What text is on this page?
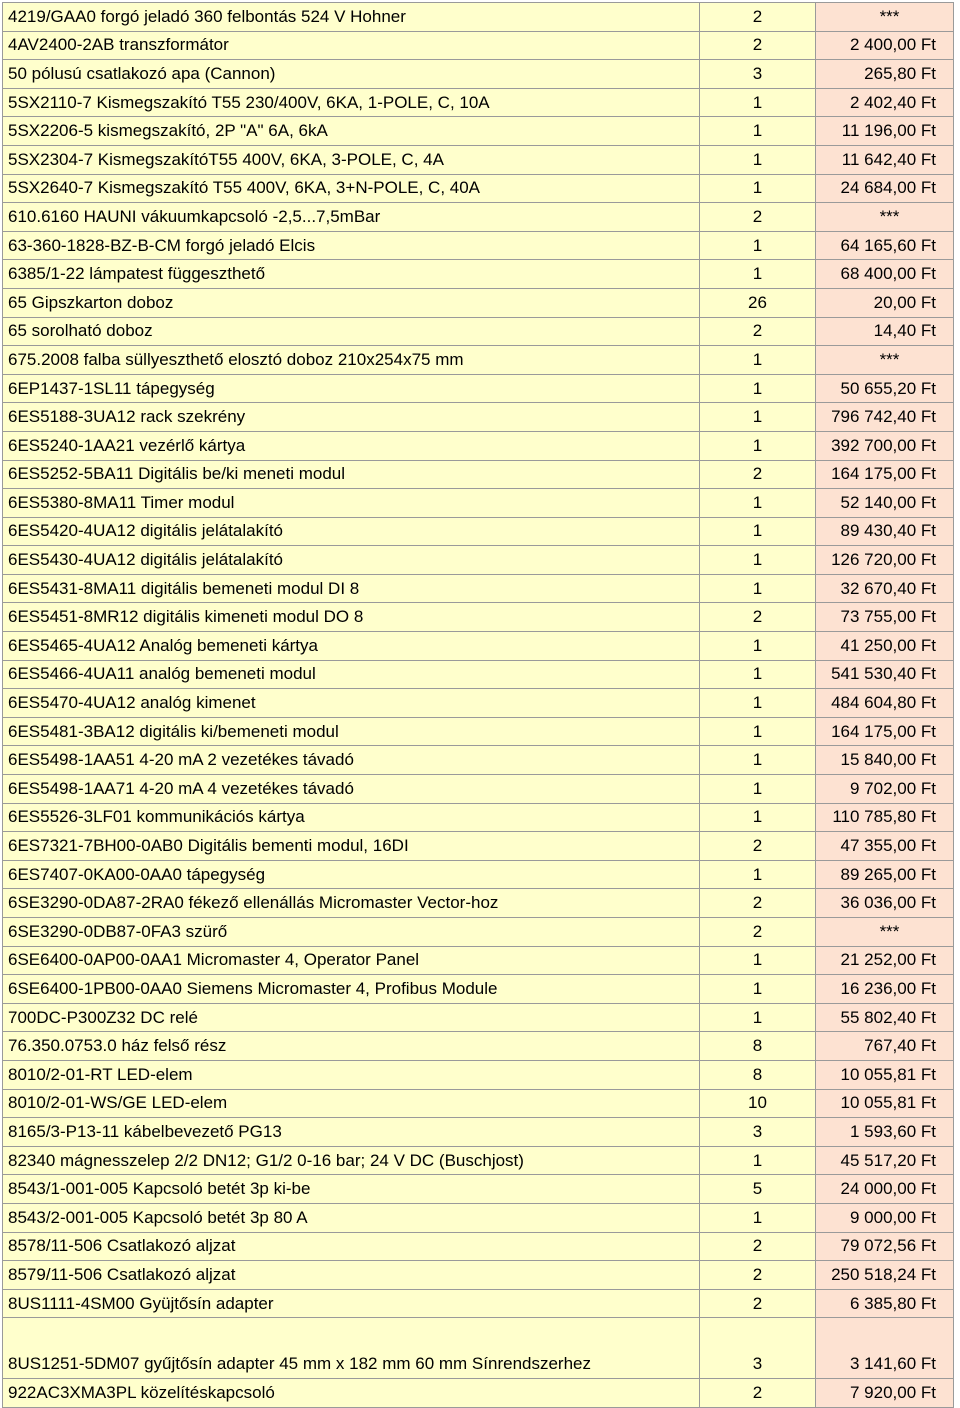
4219/GAA0 forgó jeladó 360 felbontás 524 V Hohner	2	***
4AV2400-2AB transzformátor	2	2 400,00 Ft
50 pólusú csatlakozó apa (Cannon)	3	265,80 Ft
5SX2110-7 Kismegszakító T55 230/400V, 6KA, 1-POLE, C, 10A	1	2 402,40 Ft
5SX2206-5 kismegszakító, 2P "A" 6A, 6kA	1	11 196,00 Ft
5SX2304-7 KismegszakítóT55 400V, 6KA, 3-POLE, C, 4A	1	11 642,40 Ft
5SX2640-7 Kismegszakító T55 400V, 6KA, 3+N-POLE, C, 40A	1	24 684,00 Ft
610.6160 HAUNI vákuumkapcsoló -2,5...7,5mBar	2	***
63-360-1828-BZ-B-CM forgó jeladó Elcis	1	64 165,60 Ft
6385/1-22 lámpatest függeszthető	1	68 400,00 Ft
65 Gipszkarton doboz	26	20,00 Ft
65 sorolható doboz	2	14,40 Ft
675.2008 falba süllyeszthető elosztó doboz 210x254x75 mm	1	***
6EP1437-1SL11 tápegység	1	50 655,20 Ft
6ES5188-3UA12 rack szekrény	1	796 742,40 Ft
6ES5240-1AA21 vezérlő kártya	1	392 700,00 Ft
6ES5252-5BA11 Digitális be/ki meneti modul	2	164 175,00 Ft
6ES5380-8MA11 Timer modul	1	52 140,00 Ft
6ES5420-4UA12 digitális jelátalakító	1	89 430,40 Ft
6ES5430-4UA12 digitális jelátalakító	1	126 720,00 Ft
6ES5431-8MA11 digitális bemeneti modul DI 8	1	32 670,40 Ft
6ES5451-8MR12 digitális kimeneti modul DO 8	2	73 755,00 Ft
6ES5465-4UA12 Analóg bemeneti kártya	1	41 250,00 Ft
6ES5466-4UA11 analóg bemeneti modul	1	541 530,40 Ft
6ES5470-4UA12 analóg kimenet	1	484 604,80 Ft
6ES5481-3BA12 digitális ki/bemeneti modul	1	164 175,00 Ft
6ES5498-1AA51 4-20 mA 2 vezetékes távadó	1	15 840,00 Ft
6ES5498-1AA71 4-20 mA 4 vezetékes távadó	1	9 702,00 Ft
6ES5526-3LF01 kommunikációs kártya	1	110 785,80 Ft
6ES7321-7BH00-0AB0 Digitális bementi modul, 16DI	2	47 355,00 Ft
6ES7407-0KA00-0AA0 tápegység	1	89 265,00 Ft
6SE3290-0DA87-2RA0 fékező ellenállás Micromaster Vector-hoz	2	36 036,00 Ft
6SE3290-0DB87-0FA3 szürő	2	***
6SE6400-0AP00-0AA1 Micromaster 4, Operator Panel	1	21 252,00 Ft
6SE6400-1PB00-0AA0 Siemens Micromaster 4, Profibus Module	1	16 236,00 Ft
700DC-P300Z32 DC relé	1	55 802,40 Ft
76.350.0753.0 ház felső rész	8	767,40 Ft
8010/2-01-RT LED-elem	8	10 055,81 Ft
8010/2-01-WS/GE LED-elem	10	10 055,81 Ft
8165/3-P13-11 kábelbevezető PG13	3	1 593,60 Ft
82340 mágnesszelep 2/2 DN12; G1/2 0-16 bar; 24 V DC (Buschjost)	1	45 517,20 Ft
8543/1-001-005 Kapcsoló betét 3p ki-be	5	24 000,00 Ft
8543/2-001-005 Kapcsoló betét 3p 80 A	1	9 000,00 Ft
8578/11-506 Csatlakozó aljzat	2	79 072,56 Ft
8579/11-506 Csatlakozó aljzat	2	250 518,24 Ft
8US1111-4SM00 Gyüjtősín adapter	2	6 385,80 Ft
8US1251-5DM07 gyűjtősín adapter 45 mm x 182 mm 60 mm Sínrendszerhez	3	3 141,60 Ft
922AC3XMA3PL közelítéskapcsoló	2	7 920,00 Ft
